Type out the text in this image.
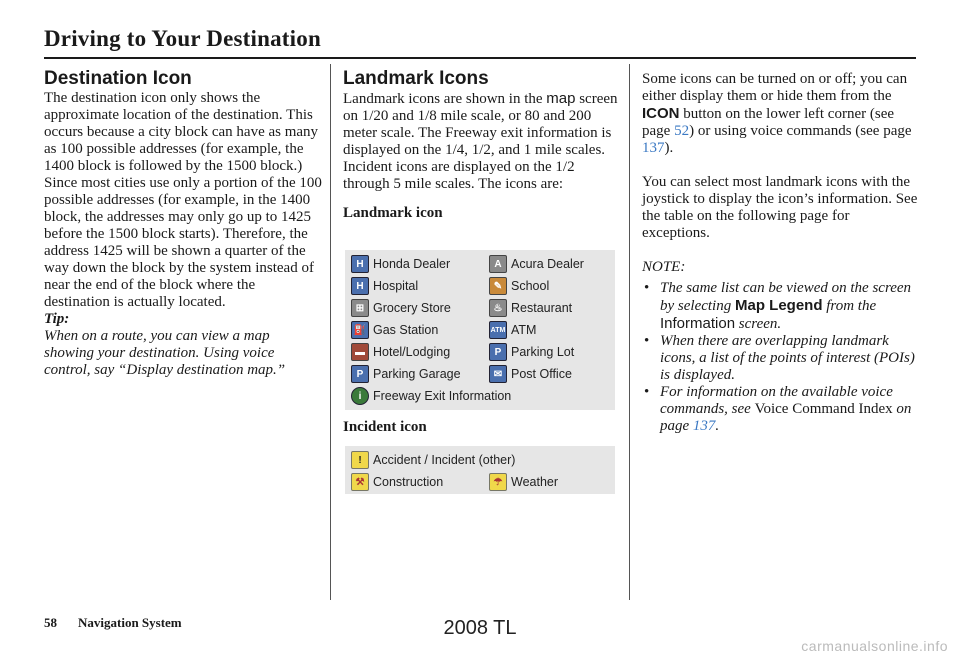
Driving to Your Destination

Destination Icon

The destination icon only shows the approximate location of the destination. This occurs because a city block can have as many as 100 possible addresses (for example, the 1400 block is followed by the 1500 block.) Since most cities use only a portion of the 100 possible addresses (for example, in the 1400 block, the addresses may only go up to 1425 before the 1500 block starts). Therefore, the address 1425 will be shown a quarter of the way down the block by the system instead of near the end of the block where the destination is actually located.

Tip:

When on a route, you can view a map showing your destination. Using voice control, say “Display destination map.”

Landmark Icons

Landmark icons are shown in the map screen on 1/20 and 1/8 mile scale, or 80 and 200 meter scale. The Freeway exit information is displayed on the 1/4, 1/2, and 1 mile scales. Incident icons are displayed on the 1/2 through 5 mile scales. The icons are:

Landmark icon

H Honda Dealer	A Acura Dealer
H Hospital	✎ School
⊞ Grocery Store	♨ Restaurant
⛽ Gas Station	ATM ATM
▬ Hotel/Lodging	P Parking Lot
P Parking Garage	✉ Post Office
i Freeway Exit Information

Incident icon

! Accident / Incident (other)
⚒ Construction	☂ Weather

Some icons can be turned on or off; you can either display them or hide them from the ICON button on the lower left corner (see page 52) or using voice commands (see page 137).

You can select most landmark icons with the joystick to display the icon’s information. See the table on the following page for exceptions.

NOTE:

• The same list can be viewed on the screen by selecting Map Legend from the Information screen.
• When there are overlapping landmark icons, a list of the points of interest (POIs) is displayed.
• For information on the available voice commands, see Voice Command Index on page 137.
58 Navigation System	2008 TL
carmanualsonline.info
